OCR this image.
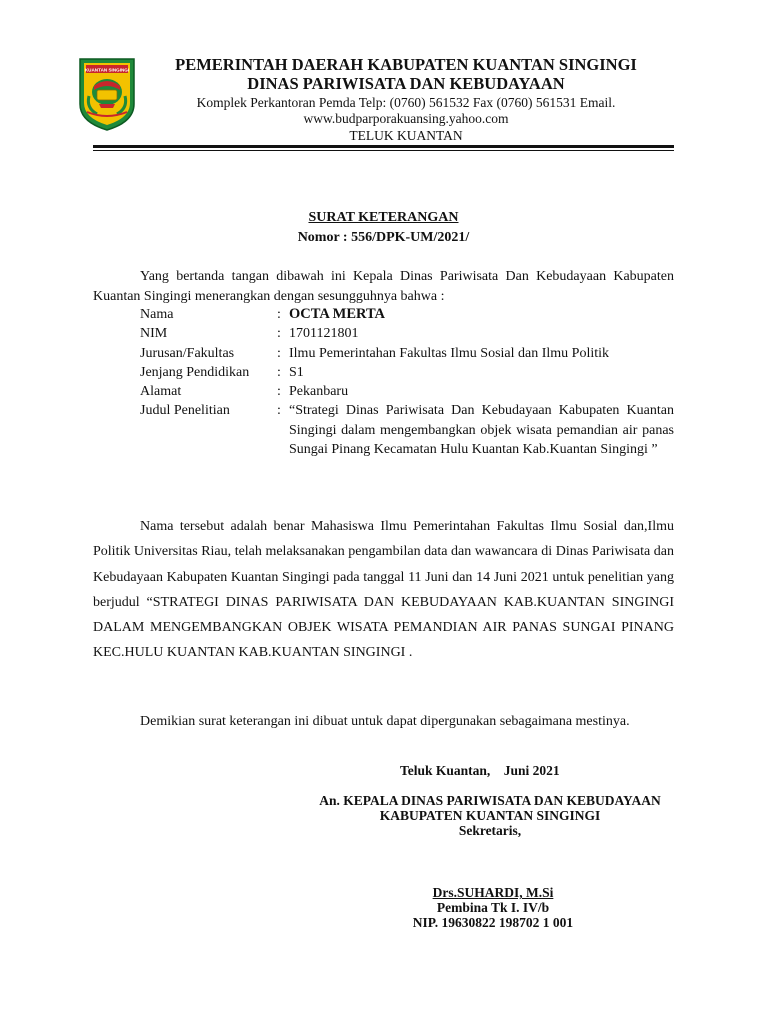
KUANTAN SINGINGI	PEMERINTAH DAERAH KABUPATEN KUANTAN SINGINGI
DINAS PARIWISATA DAN KEBUDAYAAN
Komplek Perkantoran Pemda Telp: (0760) 561532 Fax (0760) 561531 Email.
www.budparporakuansing.yahoo.com
TELUK KUANTAN
SURAT KETERANGAN
Nomor : 556/DPK-UM/2021/
Yang bertanda tangan dibawah ini Kepala Dinas Pariwisata Dan Kebudayaan Kabupaten Kuantan Singingi menerangkan dengan sesungguhnya bahwa :
Nama	: OCTA MERTA
NIM	: 1701121801
Jurusan/Fakultas	: Ilmu Pemerintahan Fakultas Ilmu Sosial dan Ilmu Politik
Jenjang Pendidikan	: S1
Alamat	: Pekanbaru
Judul Penelitian	: “Strategi Dinas Pariwisata Dan Kebudayaan Kabupaten Kuantan Singingi dalam mengembangkan objek wisata pemandian air panas Sungai Pinang Kecamatan Hulu Kuantan Kab.Kuantan Singingi ”
Nama tersebut adalah benar Mahasiswa Ilmu Pemerintahan Fakultas Ilmu Sosial dan,Ilmu Politik Universitas Riau, telah melaksanakan pengambilan data dan wawancara di Dinas Pariwisata dan Kebudayaan Kabupaten Kuantan Singingi pada tanggal 11 Juni dan 14 Juni 2021 untuk penelitian yang berjudul “STRATEGI DINAS PARIWISATA DAN KEBUDAYAAN KAB.KUANTAN SINGINGI DALAM MENGEMBANGKAN OBJEK WISATA PEMANDIAN AIR PANAS SUNGAI PINANG KEC.HULU KUANTAN KAB.KUANTAN SINGINGI .
Demikian surat keterangan ini dibuat untuk dapat dipergunakan sebagaimana mestinya.
Teluk Kuantan,    Juni 2021
An. KEPALA DINAS PARIWISATA DAN KEBUDAYAAN
KABUPATEN KUANTAN SINGINGI
Sekretaris,
Drs.SUHARDI, M.Si
Pembina Tk I. IV/b
NIP. 19630822 198702 1 001
